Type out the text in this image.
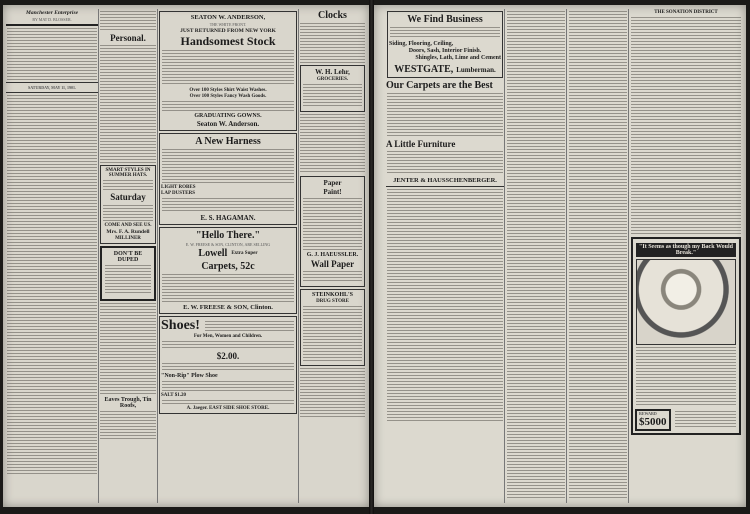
Manchester Enterprise
BY MAT D. BLOSSER.
SATURDAY, MAY 11, 1901.
Personal.
SMART STYLES IN SUMMER HATS.
Saturday
COME AND SEE US.
Mrs. F. A. Rundell
MILLINER
DON'T BE DUPED
Eaves Trough, Tin Roofs,
SEATON W. ANDERSON,
THE WHITE FRONT.
JUST RETURNED FROM NEW YORK
Handsomest Stock
Over 100 Styles Shirt Waist Washes.
Over 100 Styles Fancy Wash Goods.
GRADUATING GOWNS.
Seaton W. Anderson.
A New Harness
LIGHT ROBES
LAP DUSTERS
E. S. HAGAMAN.
"Hello There."
E. W. FREESE & SON, CLINTON, ARE SELLING
Lowell Extra Super
Carpets, 52c
E. W. FREESE & SON, Clinton.
Shoes!
For Men, Women and Children.
$2.00.
"Non-Rip" Plow Shoe
SALT $1.20
A. Jaeger. EAST SIDE SHOE STORE.
Clocks
W. H. Lehr,
GROCERIES.
Paper
Paint!
G. J. HAEUSSLER.
Wall Paper
STEINKOHL'S
DRUG STORE
We Find Business
Siding, Flooring, Ceiling,
Doors, Sash, Interior Finish.
Shingles, Lath, Lime and Cement
WESTGATE, Lumberman.
Our Carpets are the Best
A Little Furniture
JENTER & HAUSSCHENBERGER.
THE SONATION DISTRICT
"It Seems as though my Back Would Break."
REWARD
$5000
